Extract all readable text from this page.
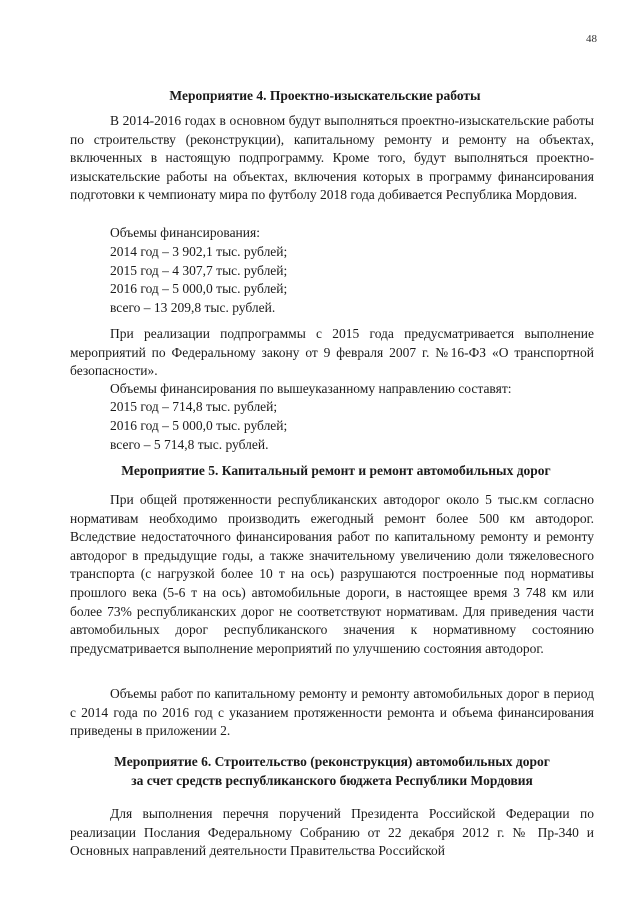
48
Мероприятие 4. Проектно-изыскательские работы

В 2014-2016 годах в основном будут выполняться проектно-изыскательские работы по строительству (реконструкции), капитальному ремонту и ремонту на объектах, включенных в настоящую подпрограмму. Кроме того, будут выполняться проектно-изыскательские работы на объектах, включения которых в программу финансирования подготовки к чемпионату мира по футболу 2018 года добивается Республика Мордовия.

Объемы финансирования:
2014 год – 3 902,1 тыс. рублей;
2015 год – 4 307,7 тыс. рублей;
2016 год – 5 000,0 тыс. рублей;
всего – 13 209,8 тыс. рублей.

При реализации подпрограммы с 2015 года предусматривается выполнение мероприятий по Федеральному закону от 9 февраля 2007 г. №16-ФЗ «О транспортной безопасности».

Объемы финансирования по вышеуказанному направлению составят:
2015 год – 714,8 тыс. рублей;
2016 год – 5 000,0 тыс. рублей;
всего – 5 714,8 тыс. рублей.
Мероприятие 5. Капитальный ремонт и ремонт автомобильных дорог

При общей протяженности республиканских автодорог около 5 тыс.км согласно нормативам необходимо производить ежегодный ремонт более 500 км автодорог. Вследствие недостаточного финансирования работ по капитальному ремонту и ремонту автодорог в предыдущие годы, а также значительному увеличению доли тяжеловесного транспорта (с нагрузкой более 10 т на ось) разрушаются построенные под нормативы прошлого века (5-6 т на ось) автомобильные дороги, в настоящее время 3 748 км или более 73% республиканских дорог не соответствуют нормативам. Для приведения части автомобильных дорог республиканского значения к нормативному состоянию предусматривается выполнение мероприятий по улучшению состояния автодорог.

Объемы работ по капитальному ремонту и ремонту автомобильных дорог в период с 2014 года по 2016 год с указанием протяженности ремонта и объема финансирования приведены в приложении 2.

Мероприятие 6. Строительство (реконструкция) автомобильных дорог
за счет средств республиканского бюджета Республики Мордовия

Для выполнения перечня поручений Президента Российской Федерации по реализации Послания Федеральному Собранию от 22 декабря 2012 г. № Пр-340 и Основных направлений деятельности Правительства Российской
